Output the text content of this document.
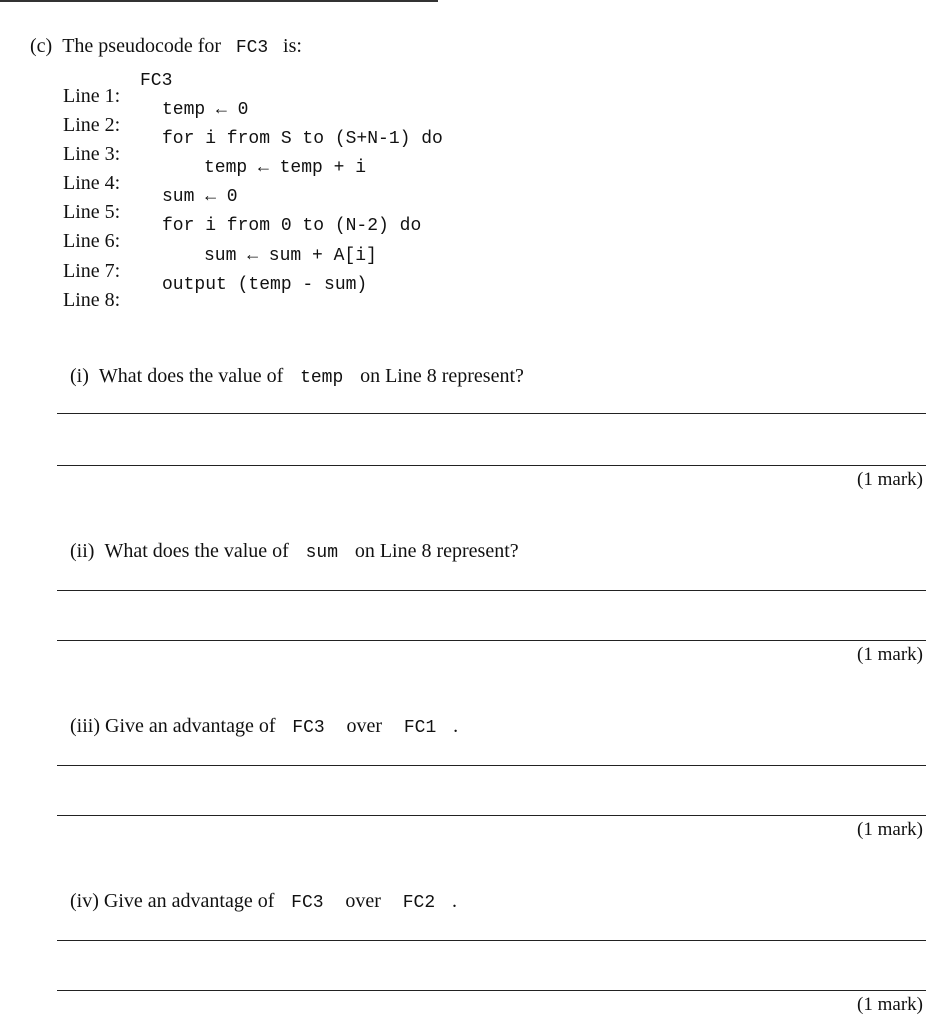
(c) The pseudocode for FC3 is:

Line 1:

FC3

Line 2:

temp ← 0

Line 3:

for i from S to (S+N-1) do

Line 4:

temp ← temp + i

Line 5:

sum ← 0

Line 6:

for i from 0 to (N-2) do

Line 7:

sum ← sum + A[i]

Line 8:

output (temp - sum)

(i) What does the value of temp on Line 8 represent?

(1 mark)

(ii) What does the value of sum on Line 8 represent?

(1 mark)

(iii) Give an advantage of FC3  over  FC1 .

(1 mark)

(iv) Give an advantage of FC3  over  FC2 .

(1 mark)
